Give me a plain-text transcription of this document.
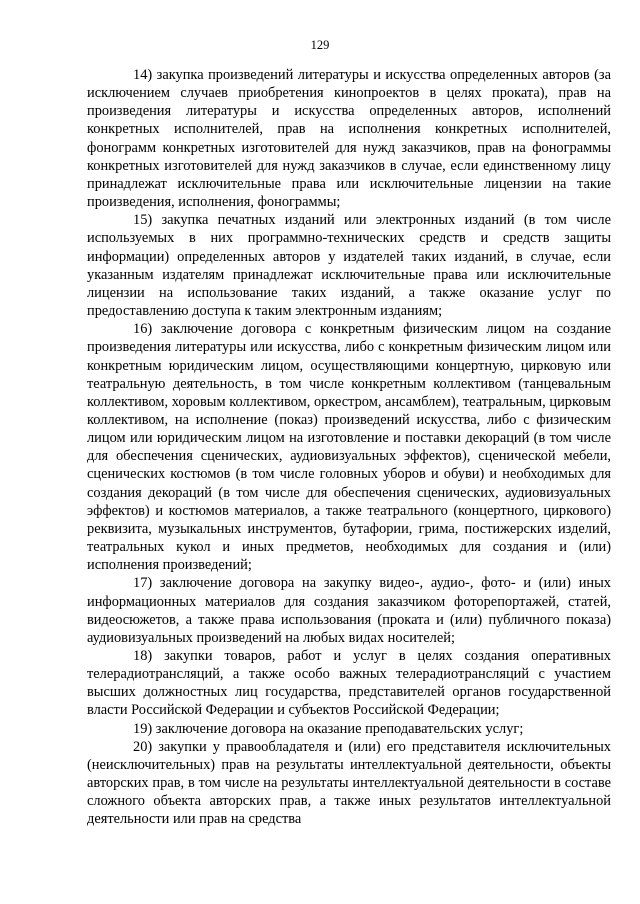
129

14) закупка произведений литературы и искусства определенных авторов (за исключением случаев приобретения кинопроектов в целях проката), прав на произведения литературы и искусства определенных авторов, исполнений конкретных исполнителей, прав на исполнения конкретных исполнителей, фонограмм конкретных изготовителей для нужд заказчиков, прав на фонограммы конкретных изготовителей для нужд заказчиков в случае, если единственному лицу принадлежат исключительные права или исключительные лицензии на такие произведения, исполнения, фонограммы;

15) закупка печатных изданий или электронных изданий (в том числе используемых в них программно-технических средств и средств защиты информации) определенных авторов у издателей таких изданий, в случае, если указанным издателям принадлежат исключительные права или исключительные лицензии на использование таких изданий, а также оказание услуг по предоставлению доступа к таким электронным изданиям;

16) заключение договора с конкретным физическим лицом на создание произведения литературы или искусства, либо с конкретным физическим лицом или конкретным юридическим лицом, осуществляющими концертную, цирковую или театральную деятельность, в том числе конкретным коллективом (танцевальным коллективом, хоровым коллективом, оркестром, ансамблем), театральным, цирковым коллективом, на исполнение (показ) произведений искусства, либо с физическим лицом или юридическим лицом на изготовление и поставки декораций (в том числе для обеспечения сценических, аудиовизуальных эффектов), сценической мебели, сценических костюмов (в том числе головных уборов и обуви) и необходимых для создания декораций (в том числе для обеспечения сценических, аудиовизуальных эффектов) и костюмов материалов, а также театрального (концертного, циркового) реквизита, музыкальных инструментов, бутафории, грима, постижерских изделий, театральных кукол и иных предметов, необходимых для создания и (или) исполнения произведений;

17) заключение договора на закупку видео-, аудио-, фото- и (или) иных информационных материалов для создания заказчиком фоторепортажей, статей, видеосюжетов, а также права использования (проката и (или) публичного показа) аудиовизуальных произведений на любых видах носителей;

18) закупки товаров, работ и услуг в целях создания оперативных телерадиотрансляций, а также особо важных телерадиотрансляций с участием высших должностных лиц государства, представителей органов государственной власти Российской Федерации и субъектов Российской Федерации;

19) заключение договора на оказание преподавательских услуг;

20) закупки у правообладателя и (или) его представителя исключительных (неисключительных) прав на результаты интеллектуальной деятельности, объекты авторских прав, в том числе на результаты интеллектуальной деятельности в составе сложного объекта авторских прав, а также иных результатов интеллектуальной деятельности или прав на средства
